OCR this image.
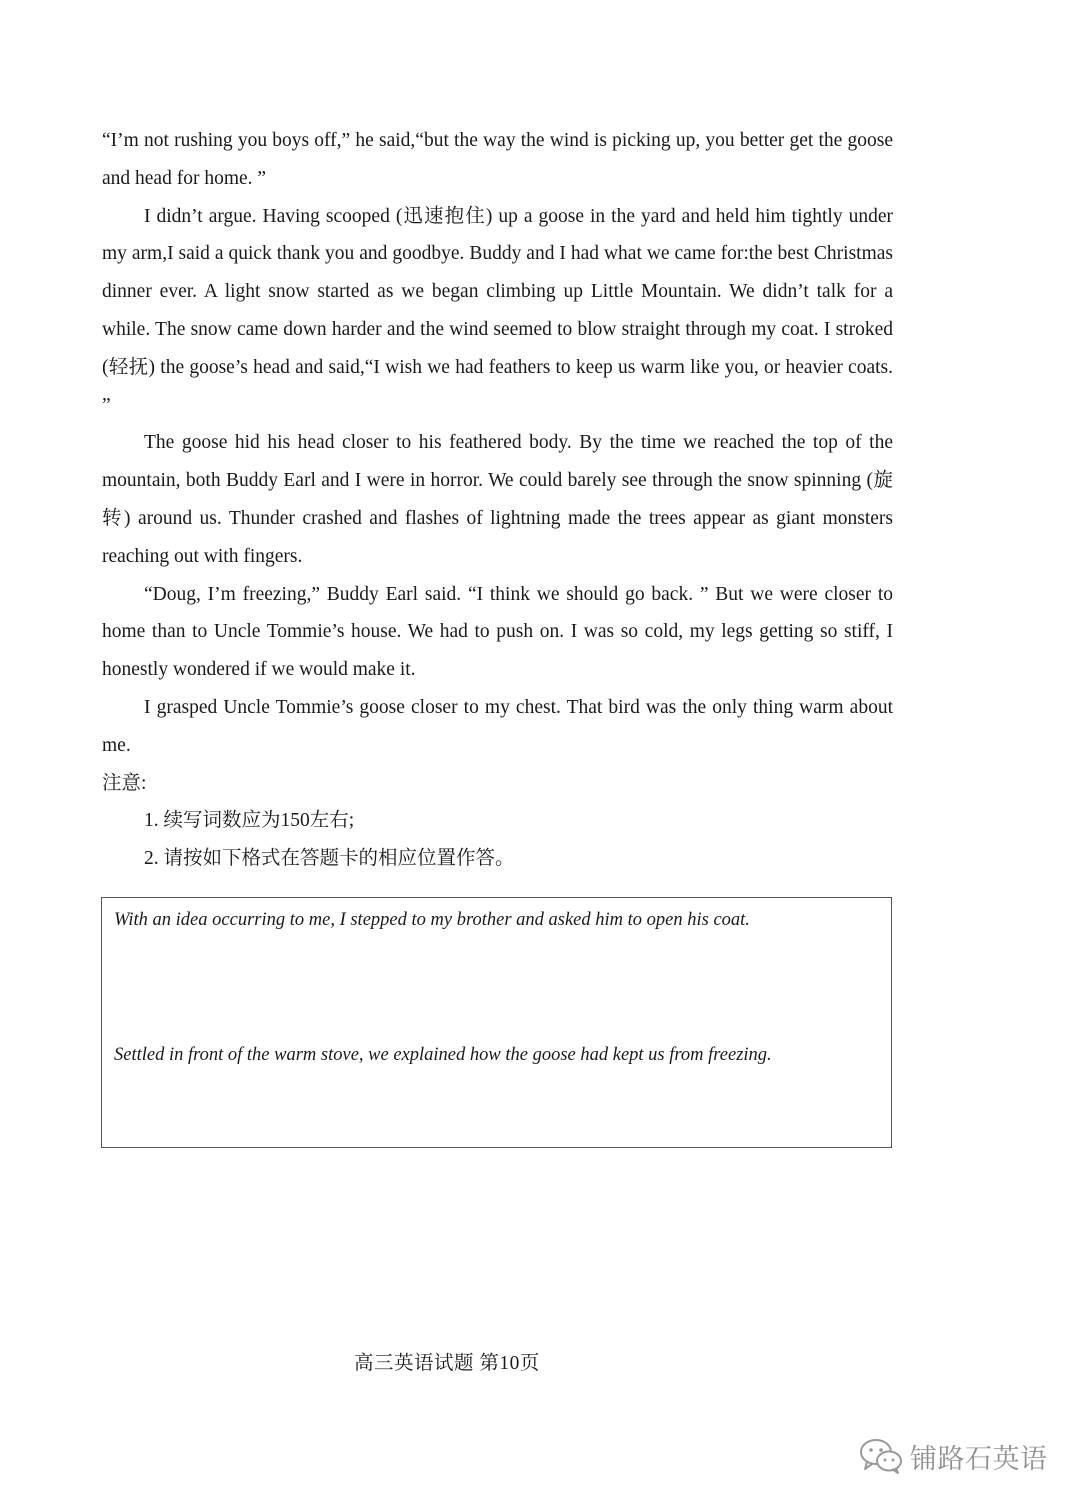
“I’m not rushing you boys off,” he said,“but the way the wind is picking up, you better get the goose and head for home. ”

I didn’t argue. Having scooped (迅速抱住) up a goose in the yard and held him tightly under my arm,I said a quick thank you and goodbye. Buddy and I had what we came for:the best Christmas dinner ever. A light snow started as we began climbing up Little Mountain. We didn’t talk for a while. The snow came down harder and the wind seemed to blow straight through my coat. I stroked (轻抚) the goose’s head and said,“I wish we had feathers to keep us warm like you, or heavier coats. ”

The goose hid his head closer to his feathered body. By the time we reached the top of the mountain, both Buddy Earl and I were in horror. We could barely see through the snow spinning (旋转) around us. Thunder crashed and flashes of lightning made the trees appear as giant monsters reaching out with fingers.

“Doug, I’m freezing,” Buddy Earl said. “I think we should go back. ” But we were closer to home than to Uncle Tommie’s house. We had to push on. I was so cold, my legs getting so stiff, I honestly wondered if we would make it.

I grasped Uncle Tommie’s goose closer to my chest. That bird was the only thing warm about me.

注意:

1. 续写词数应为150左右;

2. 请按如下格式在答题卡的相应位置作答。

With an idea occurring to me, I stepped to my brother and asked him to open his coat.

Settled in front of the warm stove, we explained how the goose had kept us from freezing.

高三英语试题 第10页
铺路石英语
